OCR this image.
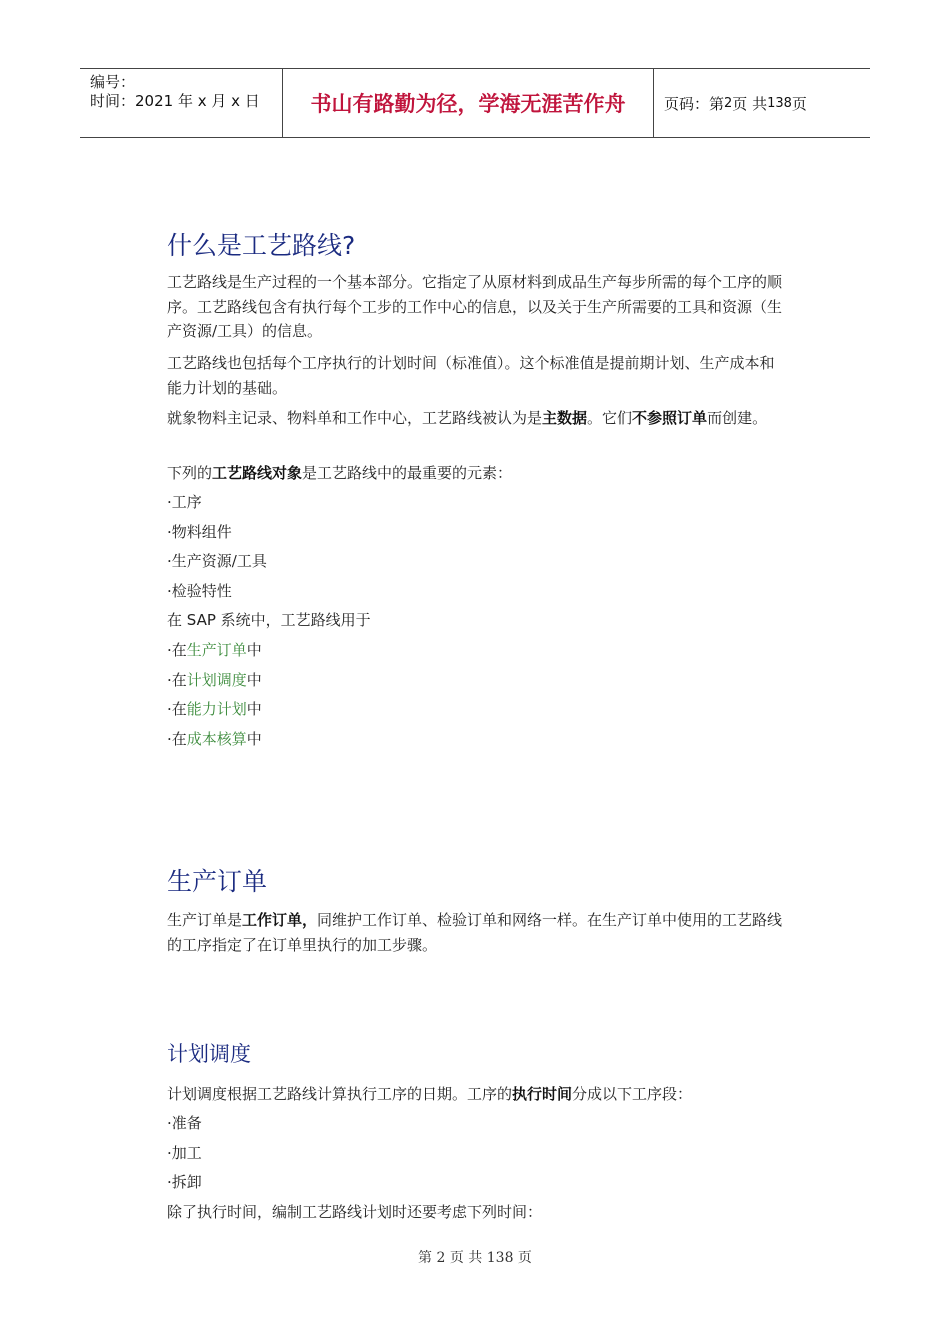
编号：
时间：2021 年 x 月 x 日	书山有路勤为径，学海无涯苦作舟	页码：第 2 页 共 138 页
什么是工艺路线?

工艺路线是生产过程的一个基本部分。它指定了从原材料到成品生产每步所需的每个工序的顺序。工艺路线包含有执行每个工步的工作中心的信息，以及关于生产所需要的工具和资源（生产资源/工具）的信息。

工艺路线也包括每个工序执行的计划时间（标准值）。这个标准值是提前期计划、生产成本和能力计划的基础。

就象物料主记录、物料单和工作中心，工艺路线被认为是主数据。它们不参照订单而创建。

下列的工艺路线对象是工艺路线中的最重要的元素：

·工序

·物料组件

·生产资源/工具

·检验特性

在 SAP 系统中，工艺路线用于

·在生产订单中

·在计划调度中

·在能力计划中

·在成本核算中

生产订单

生产订单是工作订单，同维护工作订单、检验订单和网络一样。在生产订单中使用的工艺路线的工序指定了在订单里执行的加工步骤。

计划调度

计划调度根据工艺路线计算执行工序的日期。工序的执行时间分成以下工序段：

·准备

·加工

·拆卸

除了执行时间，编制工艺路线计划时还要考虑下列时间：

第 2 页 共 138 页
